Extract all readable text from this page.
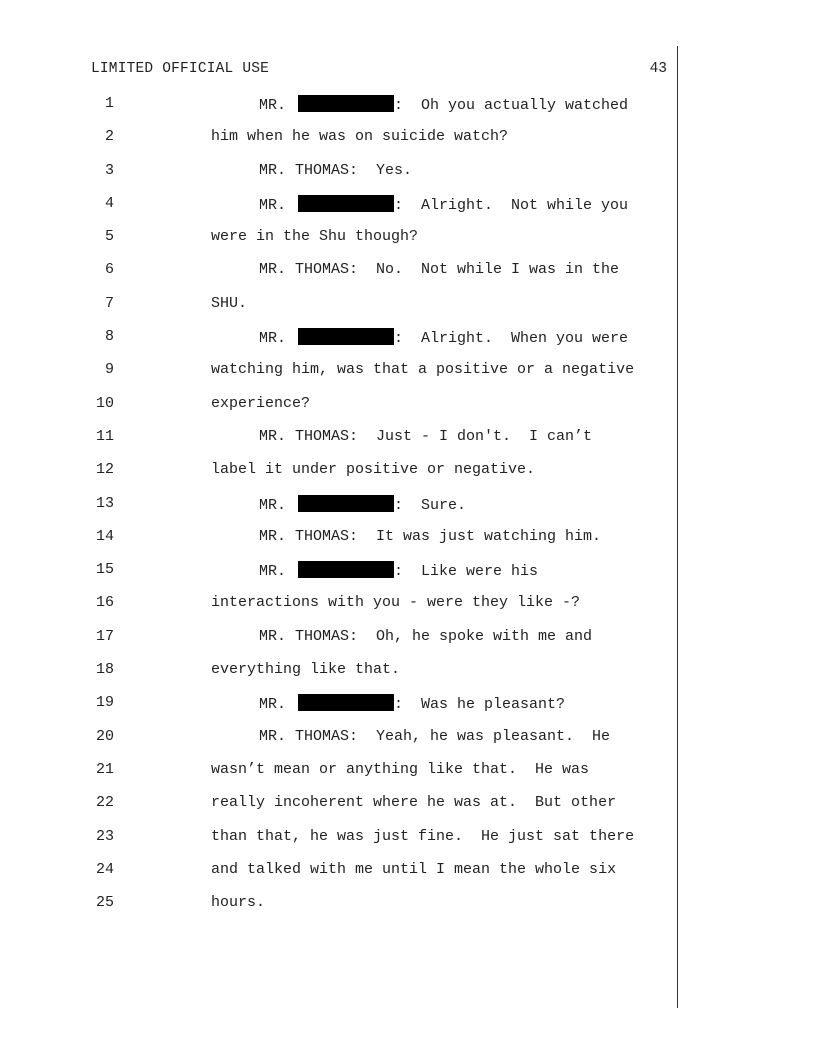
LIMITED OFFICIAL USE	43
1	MR.	:  Oh you actually watched
2	him when he was on suicide watch?
3	MR. THOMAS:  Yes.
4	MR.	:  Alright.  Not while you
5	were in the Shu though?
6	MR. THOMAS:  No.  Not while I was in the
7	SHU.
8	MR.	:  Alright.  When you were
9	watching him, was that a positive or a negative
10	experience?
11	MR. THOMAS:  Just - I don't.  I can’t
12	label it under positive or negative.
13	MR.	:  Sure.
14	MR. THOMAS:  It was just watching him.
15	MR.	:  Like were his
16	interactions with you - were they like -?
17	MR. THOMAS:  Oh, he spoke with me and
18	everything like that.
19	MR.	:  Was he pleasant?
20	MR. THOMAS:  Yeah, he was pleasant.  He
21	wasn’t mean or anything like that.  He was
22	really incoherent where he was at.  But other
23	than that, he was just fine.  He just sat there
24	and talked with me until I mean the whole six
25	hours.
